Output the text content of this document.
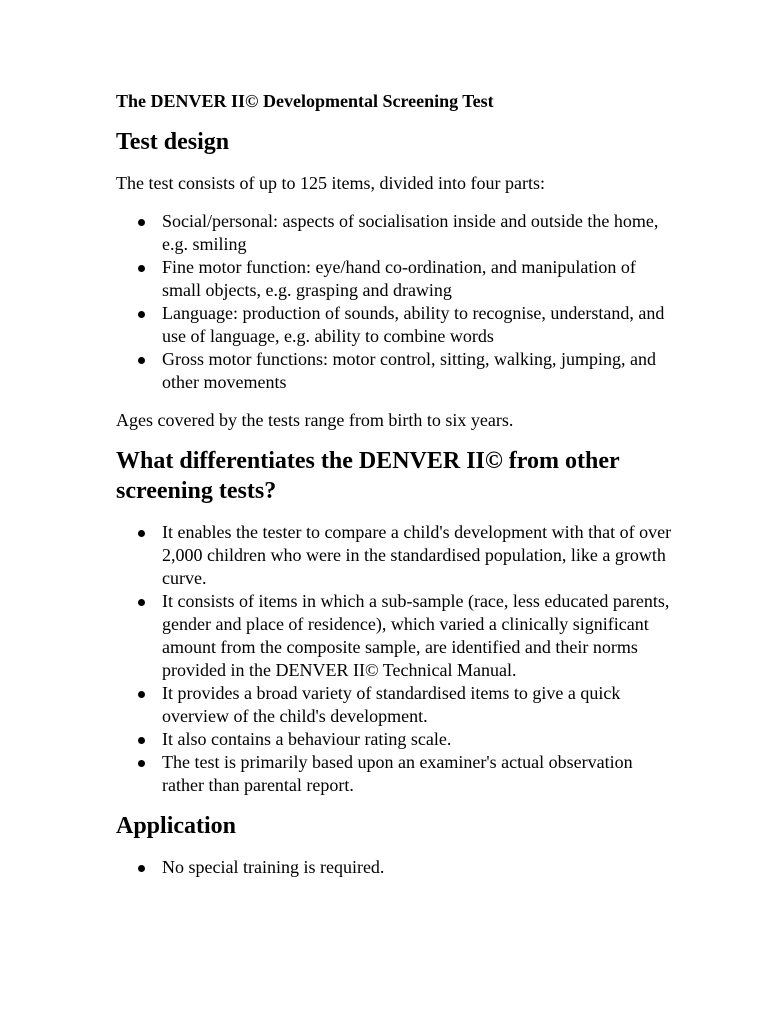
The DENVER II© Developmental Screening Test

Test design

The test consists of up to 125 items, divided into four parts:

Social/personal: aspects of socialisation inside and outside the home, e.g. smiling
Fine motor function: eye/hand co-ordination, and manipulation of small objects, e.g. grasping and drawing
Language: production of sounds, ability to recognise, understand, and use of language, e.g. ability to combine words
Gross motor functions: motor control, sitting, walking, jumping, and other movements

Ages covered by the tests range from birth to six years.

What differentiates the DENVER II© from other screening tests?
It enables the tester to compare a child's development with that of over 2,000 children who were in the standardised population, like a growth curve.
It consists of items in which a sub-sample (race, less educated parents, gender and place of residence), which varied a clinically significant amount from the composite sample, are identified and their norms provided in the DENVER II© Technical Manual.
It provides a broad variety of standardised items to give a quick overview of the child's development.
It also contains a behaviour rating scale.
The test is primarily based upon an examiner's actual observation rather than parental report.
Application
No special training is required.
